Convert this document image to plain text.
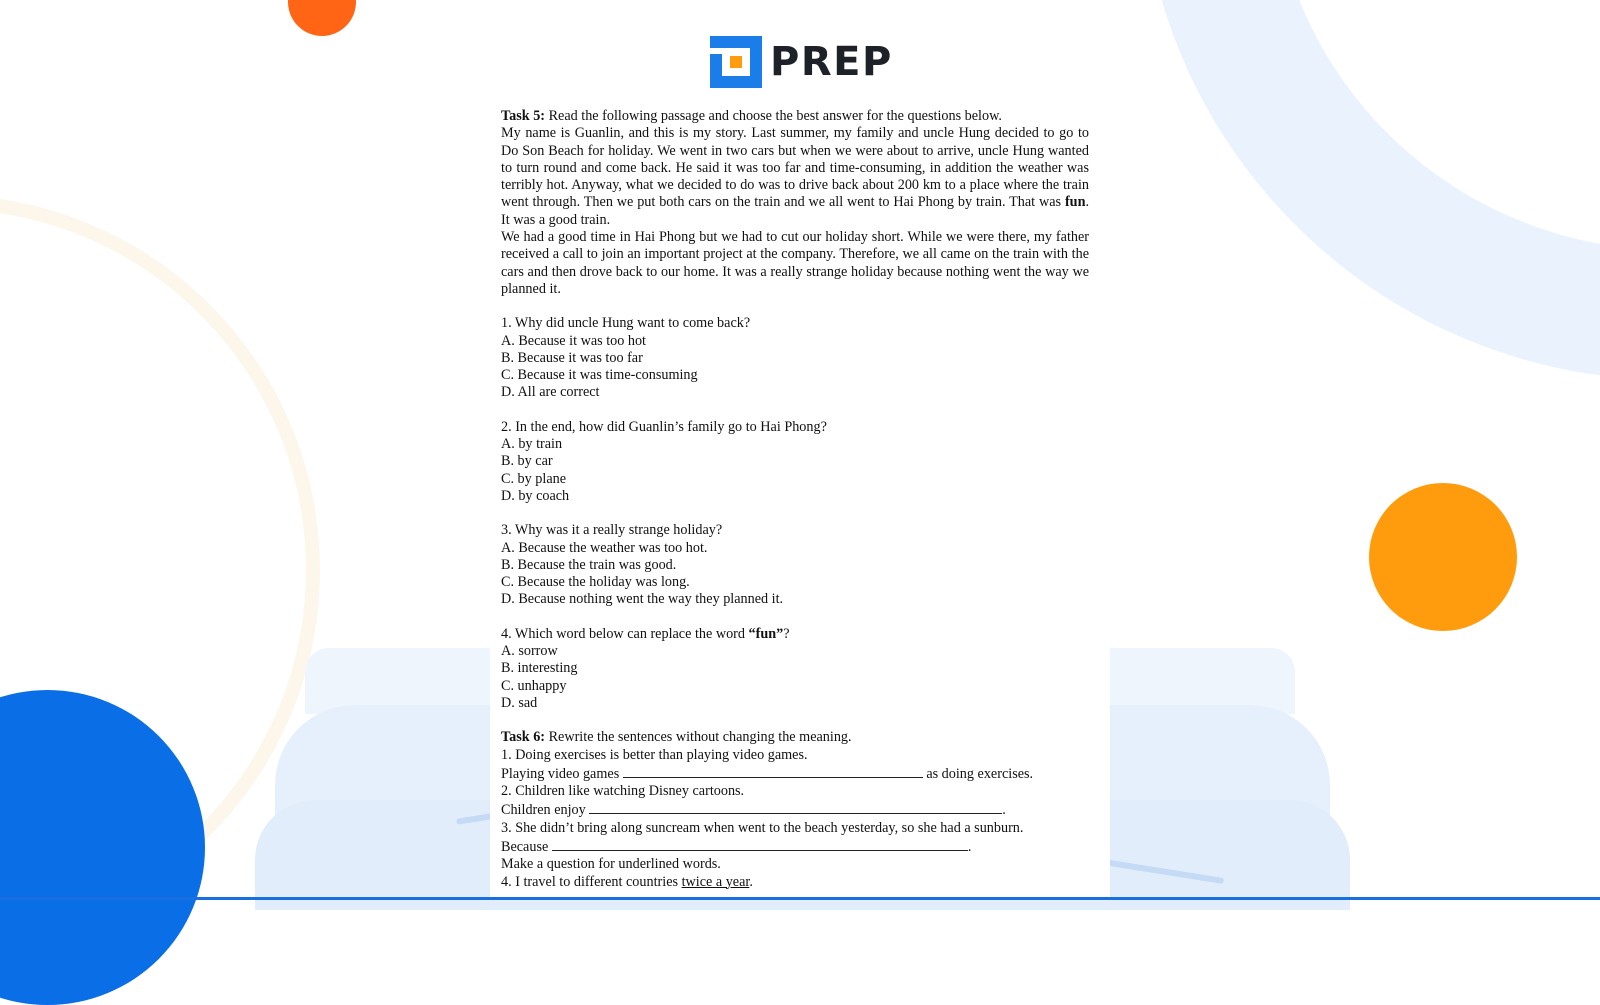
PREP

Task 5: Read the following passage and choose the best answer for the questions below.

My name is Guanlin, and this is my story. Last summer, my family and uncle Hung decided to go to Do Son Beach for holiday. We went in two cars but when we were about to arrive, uncle Hung wanted to turn round and come back. He said it was too far and time-consuming, in addition the weather was terribly hot. Anyway, what we decided to do was to drive back about 200 km to a place where the train went through. Then we put both cars on the train and we all went to Hai Phong by train. That was fun. It was a good train.

We had a good time in Hai Phong but we had to cut our holiday short. While we were there, my father received a call to join an important project at the company. Therefore, we all came on the train with the cars and then drove back to our home. It was a really strange holiday because nothing went the way we planned it.

1. Why did uncle Hung want to come back?

A. Because it was too hot

B. Because it was too far

C. Because it was time-consuming

D. All are correct

2. In the end, how did Guanlin’s family go to Hai Phong?

A. by train

B. by car

C. by plane

D. by coach

3. Why was it a really strange holiday?

A. Because the weather was too hot.

B. Because the train was good.

C. Because the holiday was long.

D. Because nothing went the way they planned it.

4. Which word below can replace the word “fun”?

A. sorrow

B. interesting

C. unhappy

D. sad

Task 6: Rewrite the sentences without changing the meaning.

1. Doing exercises is better than playing video games.

Playing video games	as doing exercises.

2. Children like watching Disney cartoons.

Children enjoy	.

3. She didn’t bring along suncream when went to the beach yesterday, so she had a sunburn.

Because	.

Make a question for underlined words.

4. I travel to different countries twice a year.
